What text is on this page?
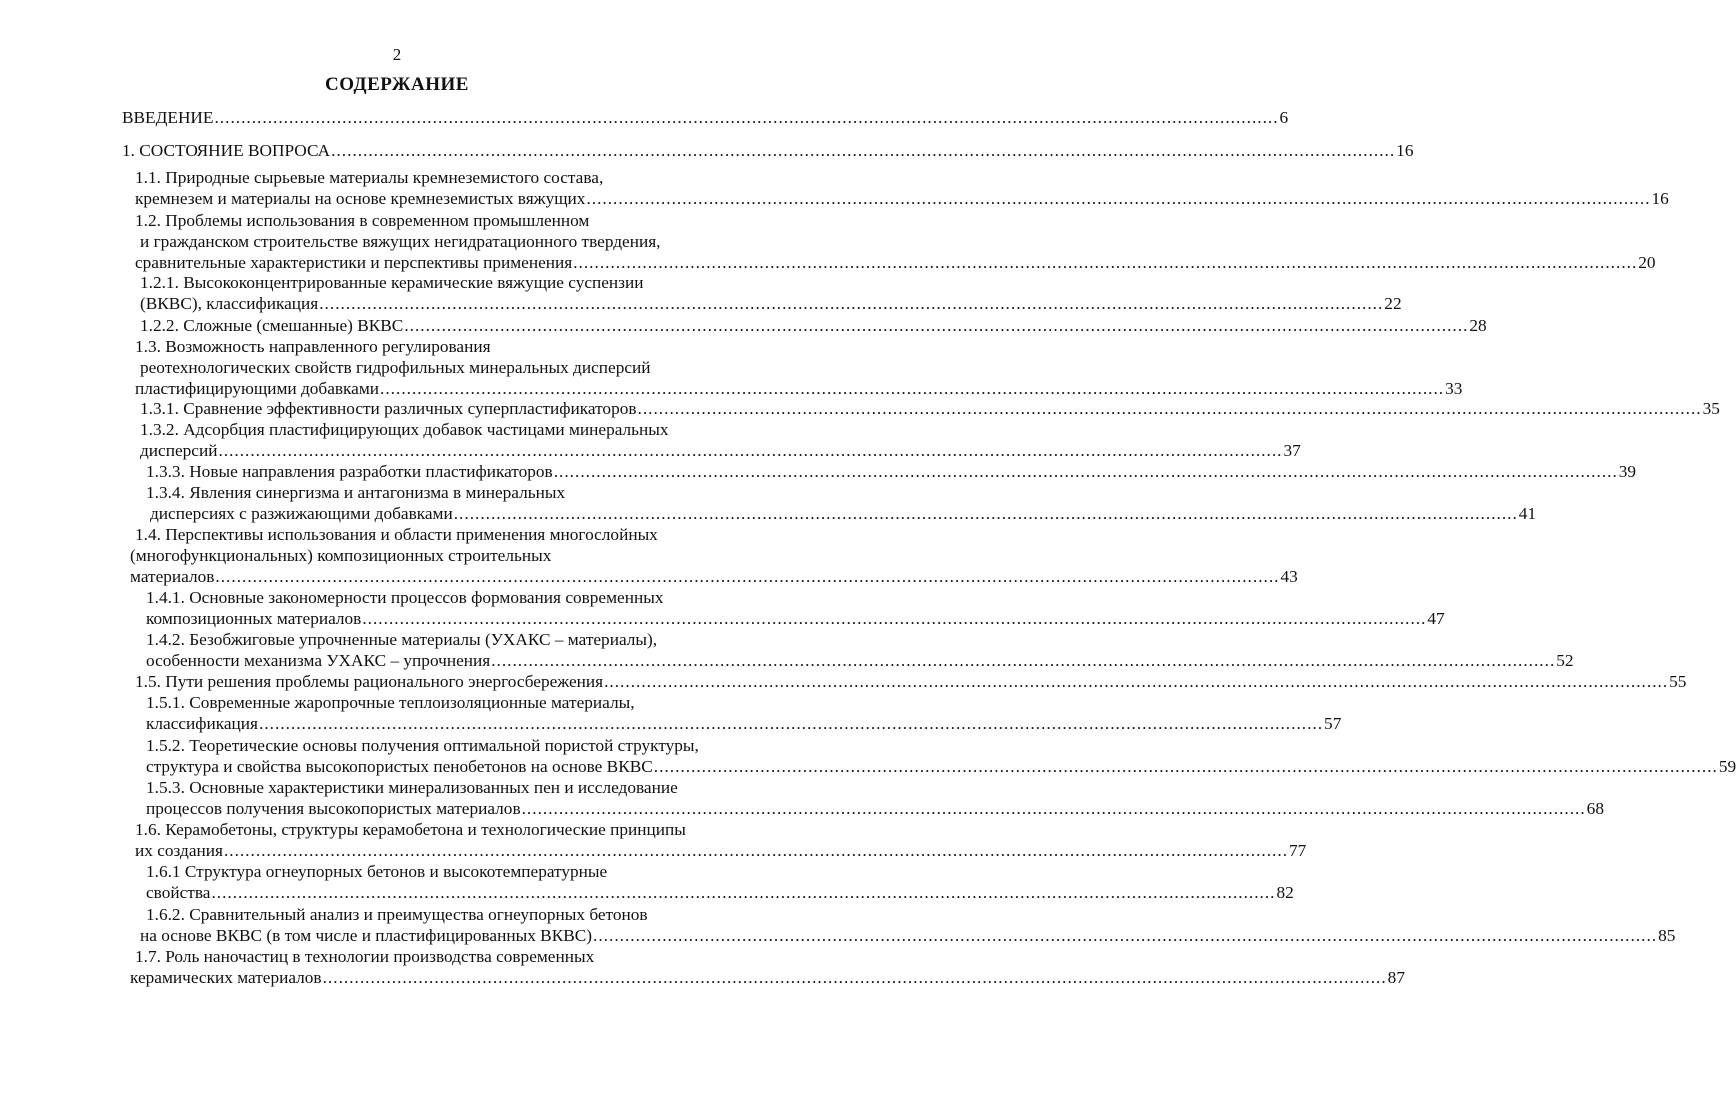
2
СОДЕРЖАНИЕ
ВВЕДЕНИЕ ........................................................................................................................................................................................................ 6
1. СОСТОЯНИЕ ВОПРОСА ........................................................................................................................................................................................................ 16
1.1. Природные сырьевые материалы кремнеземистого состава,
кремнезем и материалы на основе кремнеземистых вяжущих ........................................................................................................................................................................................................ 16
1.2. Проблемы использования в современном промышленном
и гражданском строительстве вяжущих негидратационного твердения,
сравнительные характеристики и перспективы применения ........................................................................................................................................................................................................ 20
1.2.1. Высококонцентрированные керамические вяжущие суспензии
(ВКВС), классификация ........................................................................................................................................................................................................ 22
1.2.2. Сложные (смешанные) ВКВС ........................................................................................................................................................................................................ 28
1.3. Возможность направленного регулирования
реотехнологических свойств гидрофильных минеральных дисперсий
пластифицирующими добавками ........................................................................................................................................................................................................ 33
1.3.1. Сравнение эффективности различных суперпластификаторов ........................................................................................................................................................................................................ 35
1.3.2. Адсорбция пластифицирующих добавок частицами минеральных
дисперсий ........................................................................................................................................................................................................ 37
1.3.3. Новые направления разработки пластификаторов ........................................................................................................................................................................................................ 39
1.3.4. Явления синергизма и антагонизма в минеральных
дисперсиях с разжижающими добавками ........................................................................................................................................................................................................ 41
1.4. Перспективы использования и области применения многослойных
(многофункциональных) композиционных строительных
материалов ........................................................................................................................................................................................................ 43
1.4.1. Основные закономерности процессов формования современных
композиционных материалов ........................................................................................................................................................................................................ 47
1.4.2. Безобжиговые упрочненные материалы (УХАКС – материалы),
особенности механизма УХАКС – упрочнения ........................................................................................................................................................................................................ 52
1.5. Пути решения проблемы рационального энергосбережения ........................................................................................................................................................................................................ 55
1.5.1. Современные жаропрочные теплоизоляционные материалы,
классификация ........................................................................................................................................................................................................ 57
1.5.2. Теоретические основы получения оптимальной пористой структуры,
структура и свойства высокопористых пенобетонов на основе ВКВС ........................................................................................................................................................................................................ 59
1.5.3. Основные характеристики минерализованных пен и исследование
процессов получения высокопористых материалов ........................................................................................................................................................................................................ 68
1.6. Керамобетоны, структуры керамобетона и технологические принципы
их создания ........................................................................................................................................................................................................ 77
1.6.1 Структура огнеупорных бетонов и высокотемпературные
свойства ........................................................................................................................................................................................................ 82
1.6.2. Сравнительный анализ и преимущества огнеупорных бетонов
на основе ВКВС (в том числе и пластифицированных ВКВС) ........................................................................................................................................................................................................ 85
1.7. Роль наночастиц в технологии производства современных
керамических материалов ........................................................................................................................................................................................................ 87
